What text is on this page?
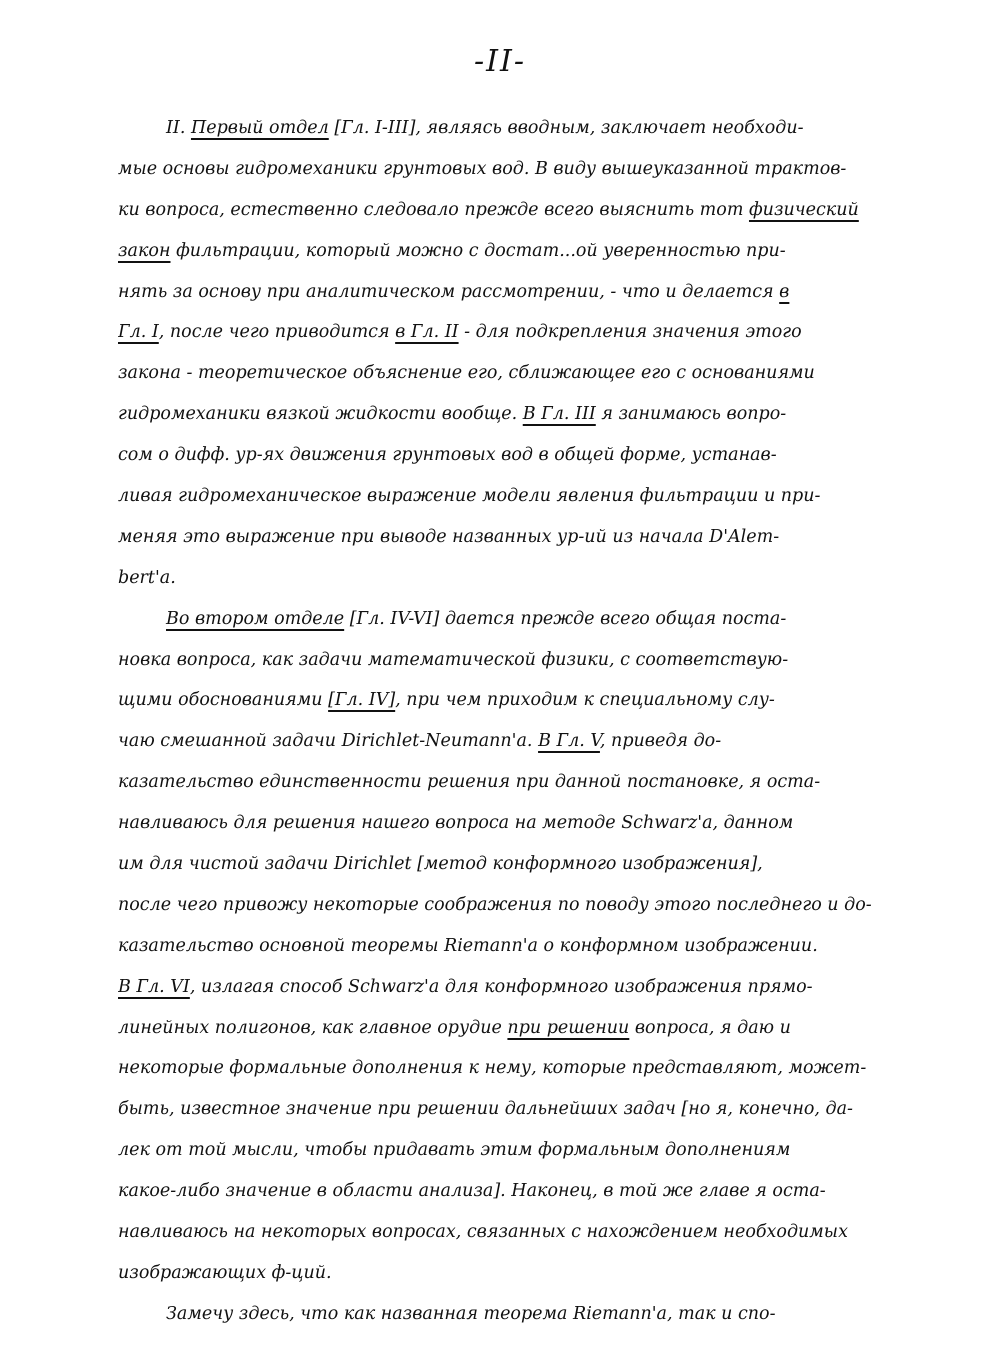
-II-
II. Первый отдел [Гл. I-III], являясь вводным, заключает необходи-
мые основы гидромеханики грунтовых вод. В виду вышеуказанной трактов-
ки вопроса, естественно следовало прежде всего выяснить тот физический
закон фильтрации, который можно с достат...ой уверенностью при-
нять за основу при аналитическом рассмотрении, - что и делается в
Гл. I, после чего приводится в Гл. II - для подкрепления значения этого
закона - теоретическое объяснение его, сближающее его с основаниями
гидромеханики вязкой жидкости вообще. В Гл. III я занимаюсь вопро-
сом о дифф. ур-ях движения грунтовых вод в общей форме, устанав-
ливая гидромеханическое выражение модели явления фильтрации и при-
меняя это выражение при выводе названных ур-ий из начала D'Alem-
bert'а.
Во втором отделе [Гл. IV-VI] дается прежде всего общая поста-
новка вопроса, как задачи математической физики, с соответствую-
щими обоснованиями [Гл. IV], при чем приходим к специальному слу-
чаю смешанной задачи Dirichlet-Neumann'а. В Гл. V, приведя до-
казательство единственности решения при данной постановке, я оста-
навливаюсь для решения нашего вопроса на методе Schwarz'а, данном
им для чистой задачи Dirichlet [метод конформного изображения],
после чего привожу некоторые соображения по поводу этого последнего и до-
казательство основной теоремы Riemann'а о конформном изображении.
В Гл. VI, излагая способ Schwarz'а для конформного изображения прямо-
линейных полигонов, как главное орудие при решении вопроса, я даю и
некоторые формальные дополнения к нему, которые представляют, может-
быть, известное значение при решении дальнейших задач [но я, конечно, да-
лек от той мысли, чтобы придавать этим формальным дополнениям
какое-либо значение в области анализа]. Наконец, в той же главе я оста-
навливаюсь на некоторых вопросах, связанных с нахождением необходимых
изображающих ф-ций.
Замечу здесь, что как названная теорема Riemann'а, так и спо-
